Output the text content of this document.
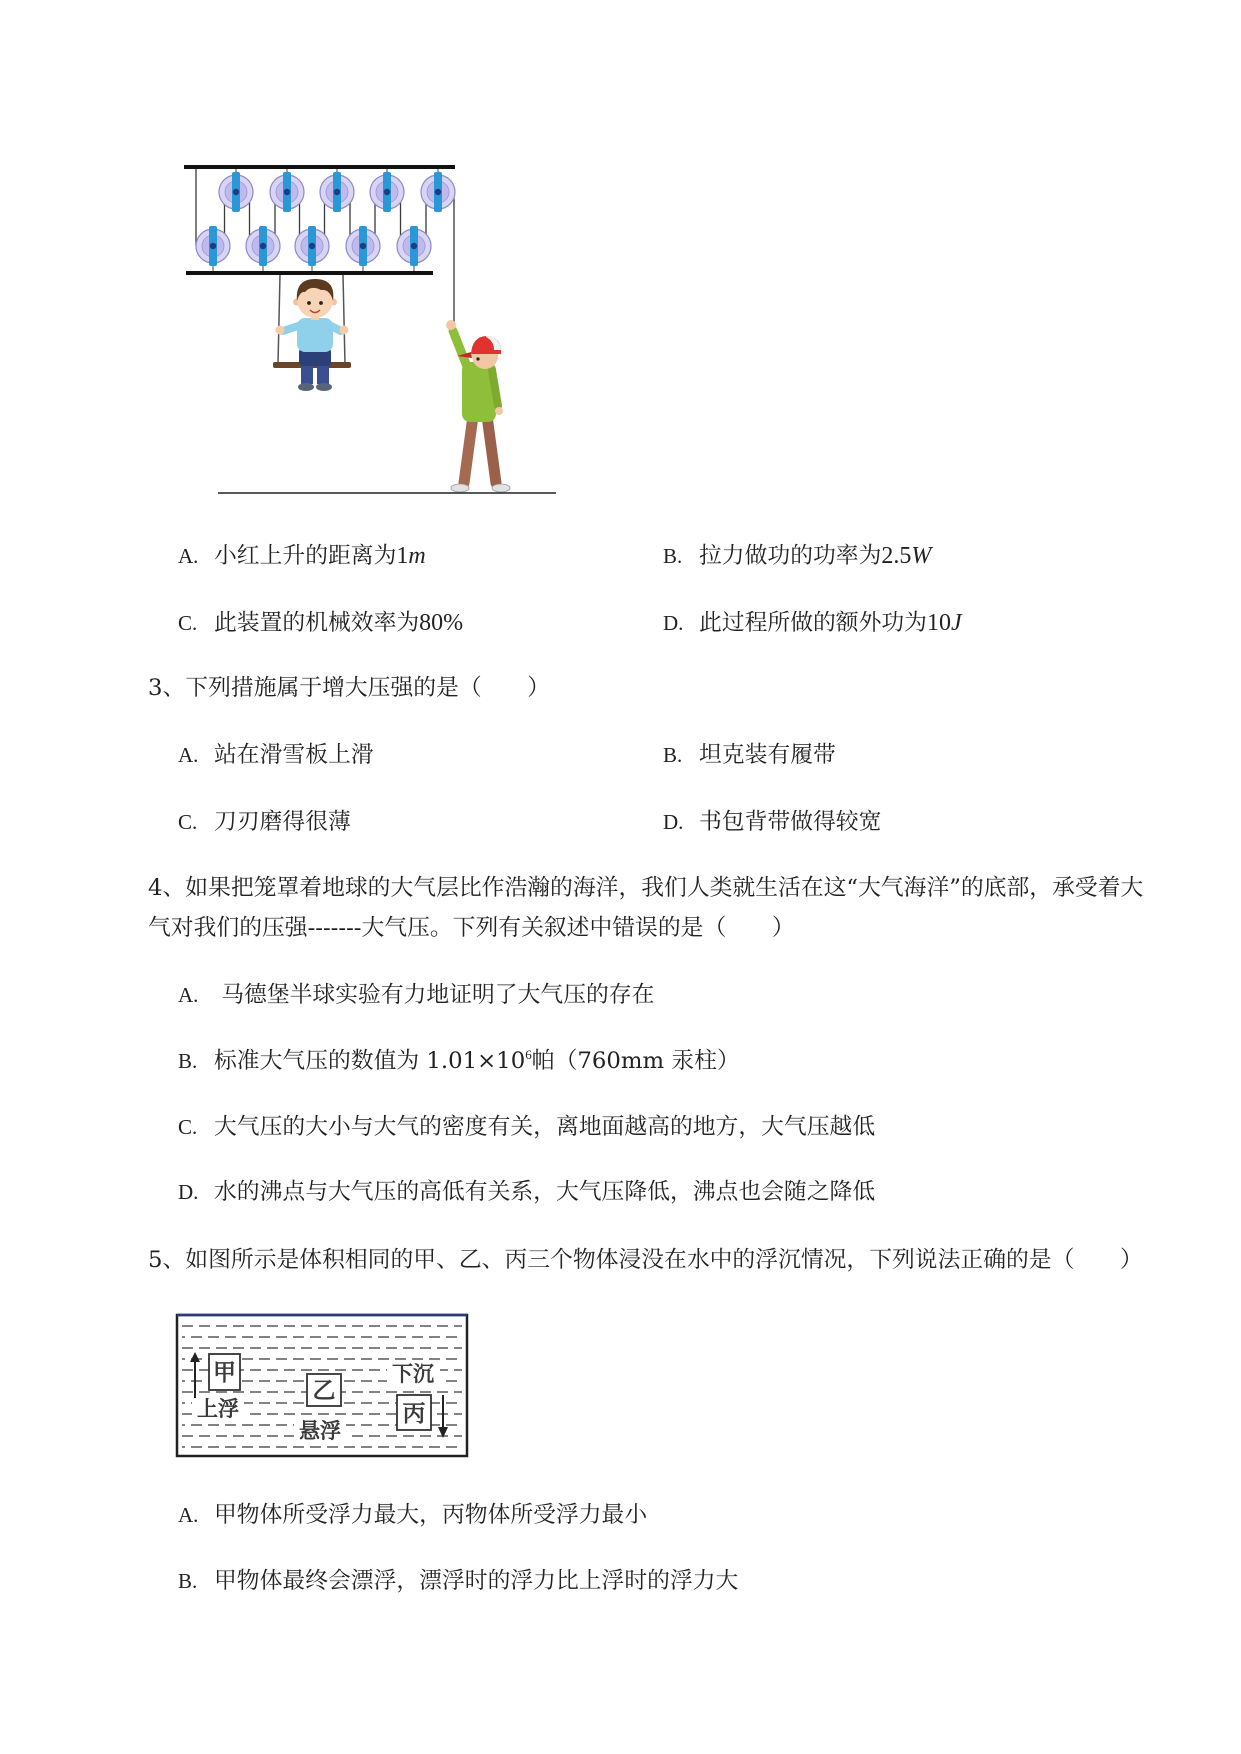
A. 小红上升的距离为1m	B. 拉力做功的功率为2.5W
C. 此装置的机械效率为80%	D. 此过程所做的额外功为10J
3、下列措施属于增大压强的是（　　）
A. 站在滑雪板上滑	B. 坦克装有履带
C. 刀刃磨得很薄	D. 书包背带做得较宽
4、如果把笼罩着地球的大气层比作浩瀚的海洋，我们人类就生活在这“大气海洋”的底部，承受着大
气对我们的压强-------大气压。下列有关叙述中错误的是（　　）
A. 马德堡半球实验有力地证明了大气压的存在
B. 标准大气压的数值为 $1.01\times 10^6$帕（760mm 汞柱）
C. 大气压的大小与大气的密度有关，离地面越高的地方，大气压越低
D. 水的沸点与大气压的高低有关系，大气压降低，沸点也会随之降低
5、如图所示是体积相同的甲、乙、丙三个物体浸没在水中的浮沉情况，下列说法正确的是（　　）
甲
上浮
乙
悬浮
下沉
丙
A. 甲物体所受浮力最大，丙物体所受浮力最小
B. 甲物体最终会漂浮，漂浮时的浮力比上浮时的浮力大
